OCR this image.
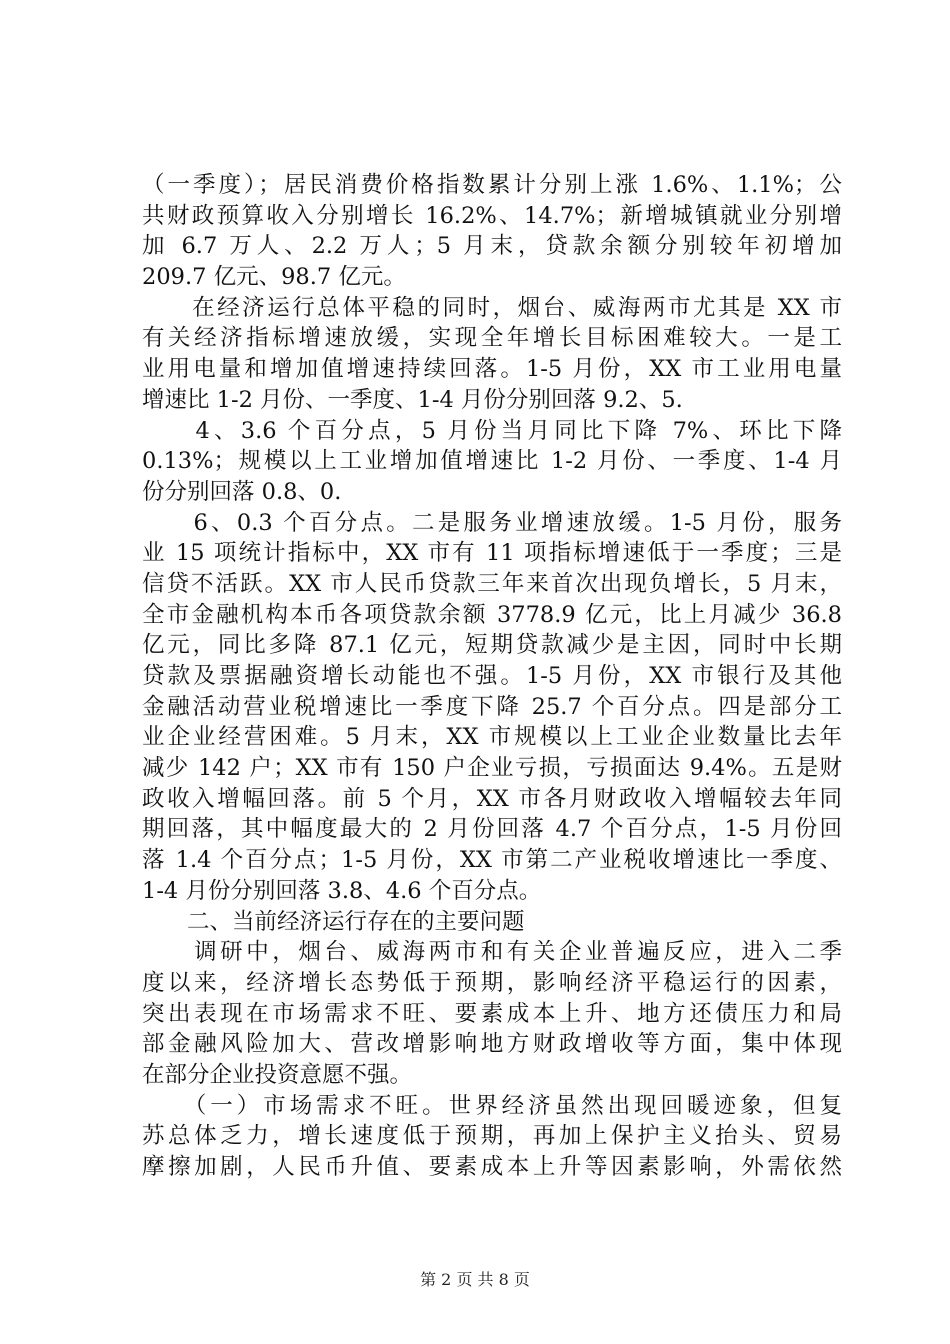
（一季度）；居民消费价格指数累计分别上涨 1.6%、1.1%；公
共财政预算收入分别增长 16.2%、14.7%；新增城镇就业分别增
加 6.7 万人、2.2 万人；5 月末，贷款余额分别较年初增加
209.7 亿元、98.7 亿元。
　　在经济运行总体平稳的同时，烟台、威海两市尤其是 XX 市
有关经济指标增速放缓，实现全年增长目标困难较大。一是工
业用电量和增加值增速持续回落。1-5 月份，XX 市工业用电量
增速比 1-2 月份、一季度、1-4 月份分别回落 9.2、5.
　　4、3.6 个百分点，5 月份当月同比下降 7%、环比下降
0.13%；规模以上工业增加值增速比 1-2 月份、一季度、1-4 月
份分别回落 0.8、0.
　　6、0.3 个百分点。二是服务业增速放缓。1-5 月份，服务
业 15 项统计指标中，XX 市有 11 项指标增速低于一季度；三是
信贷不活跃。XX 市人民币贷款三年来首次出现负增长，5 月末，
全市金融机构本币各项贷款余额 3778.9 亿元，比上月减少 36.8
亿元，同比多降 87.1 亿元，短期贷款减少是主因，同时中长期
贷款及票据融资增长动能也不强。1-5 月份，XX 市银行及其他
金融活动营业税增速比一季度下降 25.7 个百分点。四是部分工
业企业经营困难。5 月末，XX 市规模以上工业企业数量比去年
减少 142 户；XX 市有 150 户企业亏损，亏损面达 9.4%。五是财
政收入增幅回落。前 5 个月，XX 市各月财政收入增幅较去年同
期回落，其中幅度最大的 2 月份回落 4.7 个百分点，1-5 月份回
落 1.4 个百分点；1-5 月份，XX 市第二产业税收增速比一季度、
1-4 月份分别回落 3.8、4.6 个百分点。
　　二、当前经济运行存在的主要问题
　　调研中，烟台、威海两市和有关企业普遍反应，进入二季
度以来，经济增长态势低于预期，影响经济平稳运行的因素，
突出表现在市场需求不旺、要素成本上升、地方还债压力和局
部金融风险加大、营改增影响地方财政增收等方面，集中体现
在部分企业投资意愿不强。
　　（一）市场需求不旺。世界经济虽然出现回暖迹象，但复
苏总体乏力，增长速度低于预期，再加上保护主义抬头、贸易
摩擦加剧，人民币升值、要素成本上升等因素影响，外需依然
第 2 页 共 8 页
